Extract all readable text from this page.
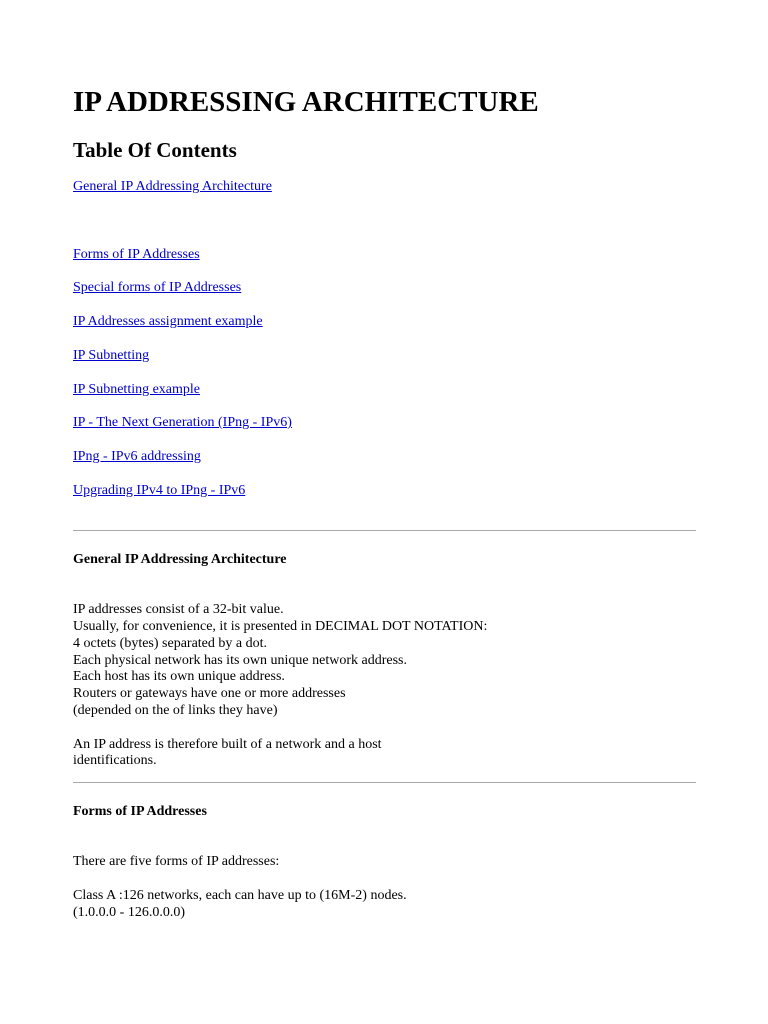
IP ADDRESSING ARCHITECTURE
Table Of Contents
General IP Addressing Architecture
Forms of IP Addresses
Special forms of IP Addresses
IP Addresses assignment example
IP Subnetting
IP Subnetting example
IP - The Next Generation (IPng - IPv6)
IPng - IPv6 addressing
Upgrading IPv4 to IPng - IPv6
General IP Addressing Architecture
IP addresses consist of a 32-bit value.
Usually, for convenience, it is presented in DECIMAL DOT NOTATION:
4 octets (bytes) separated by a dot.
Each physical network has its own unique network address.
Each host has its own unique address.
Routers or gateways have one or more addresses
(depended on the of links they have)
An IP address is therefore built of a network and a host
identifications.
Forms of IP Addresses
There are five forms of IP addresses:
Class A :126 networks, each can have up to (16M-2) nodes.
(1.0.0.0 - 126.0.0.0)
